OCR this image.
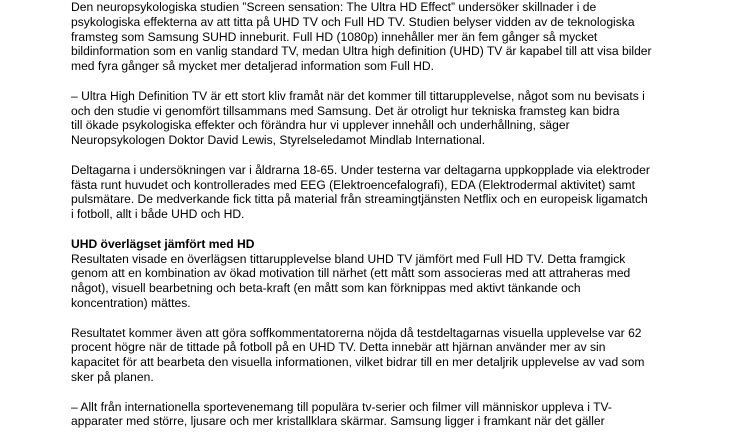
Den neuropsykologiska studien ”Screen sensation: The Ultra HD Effect” undersöker skillnader i de
psykologiska effekterna av att titta på UHD TV och Full HD TV. Studien belyser vidden av de teknologiska
framsteg som Samsung SUHD inneburit. Full HD (1080p) innehåller mer än fem gånger så mycket
bildinformation som en vanlig standard TV, medan Ultra high definition (UHD) TV är kapabel till att visa bilder
med fyra gånger så mycket mer detaljerad information som Full HD.
– Ultra High Definition TV är ett stort kliv framåt när det kommer till tittarupplevelse, något som nu bevisats i
och den studie vi genomfört tillsammans med Samsung. Det är otroligt hur tekniska framsteg kan bidra
till ökade psykologiska effekter och förändra hur vi upplever innehåll och underhållning, säger
Neuropsykologen Doktor David Lewis, Styrelseledamot Mindlab International.
Deltagarna i undersökningen var i åldrarna 18-65. Under testerna var deltagarna uppkopplade via elektroder
fästa runt huvudet och kontrollerades med EEG (Elektroencefalografi), EDA (Elektrodermal aktivitet) samt
pulsmätare. De medverkande fick titta på material från streamingtjänsten Netflix och en europeisk ligamatch
i fotboll, allt i både UHD och HD.
UHD överlägset jämfört med HD
Resultaten visade en överlägsen tittarupplevelse bland UHD TV jämfört med Full HD TV. Detta framgick
genom att en kombination av ökad motivation till närhet (ett mått som associeras med att attraheras med
något), visuell bearbetning och beta-kraft (en mått som kan förknippas med aktivt tänkande och
koncentration) mättes.
Resultatet kommer även att göra soffkommentatorerna nöjda då testdeltagarnas visuella upplevelse var 62
procent högre när de tittade på fotboll på en UHD TV. Detta innebär att hjärnan använder mer av sin
kapacitet för att bearbeta den visuella informationen, vilket bidrar till en mer detaljrik upplevelse av vad som
sker på planen.
– Allt från internationella sportevenemang till populära tv-serier och filmer vill människor uppleva i TV-
apparater med större, ljusare och mer kristallklara skärmar. Samsung ligger i framkant när det gäller
